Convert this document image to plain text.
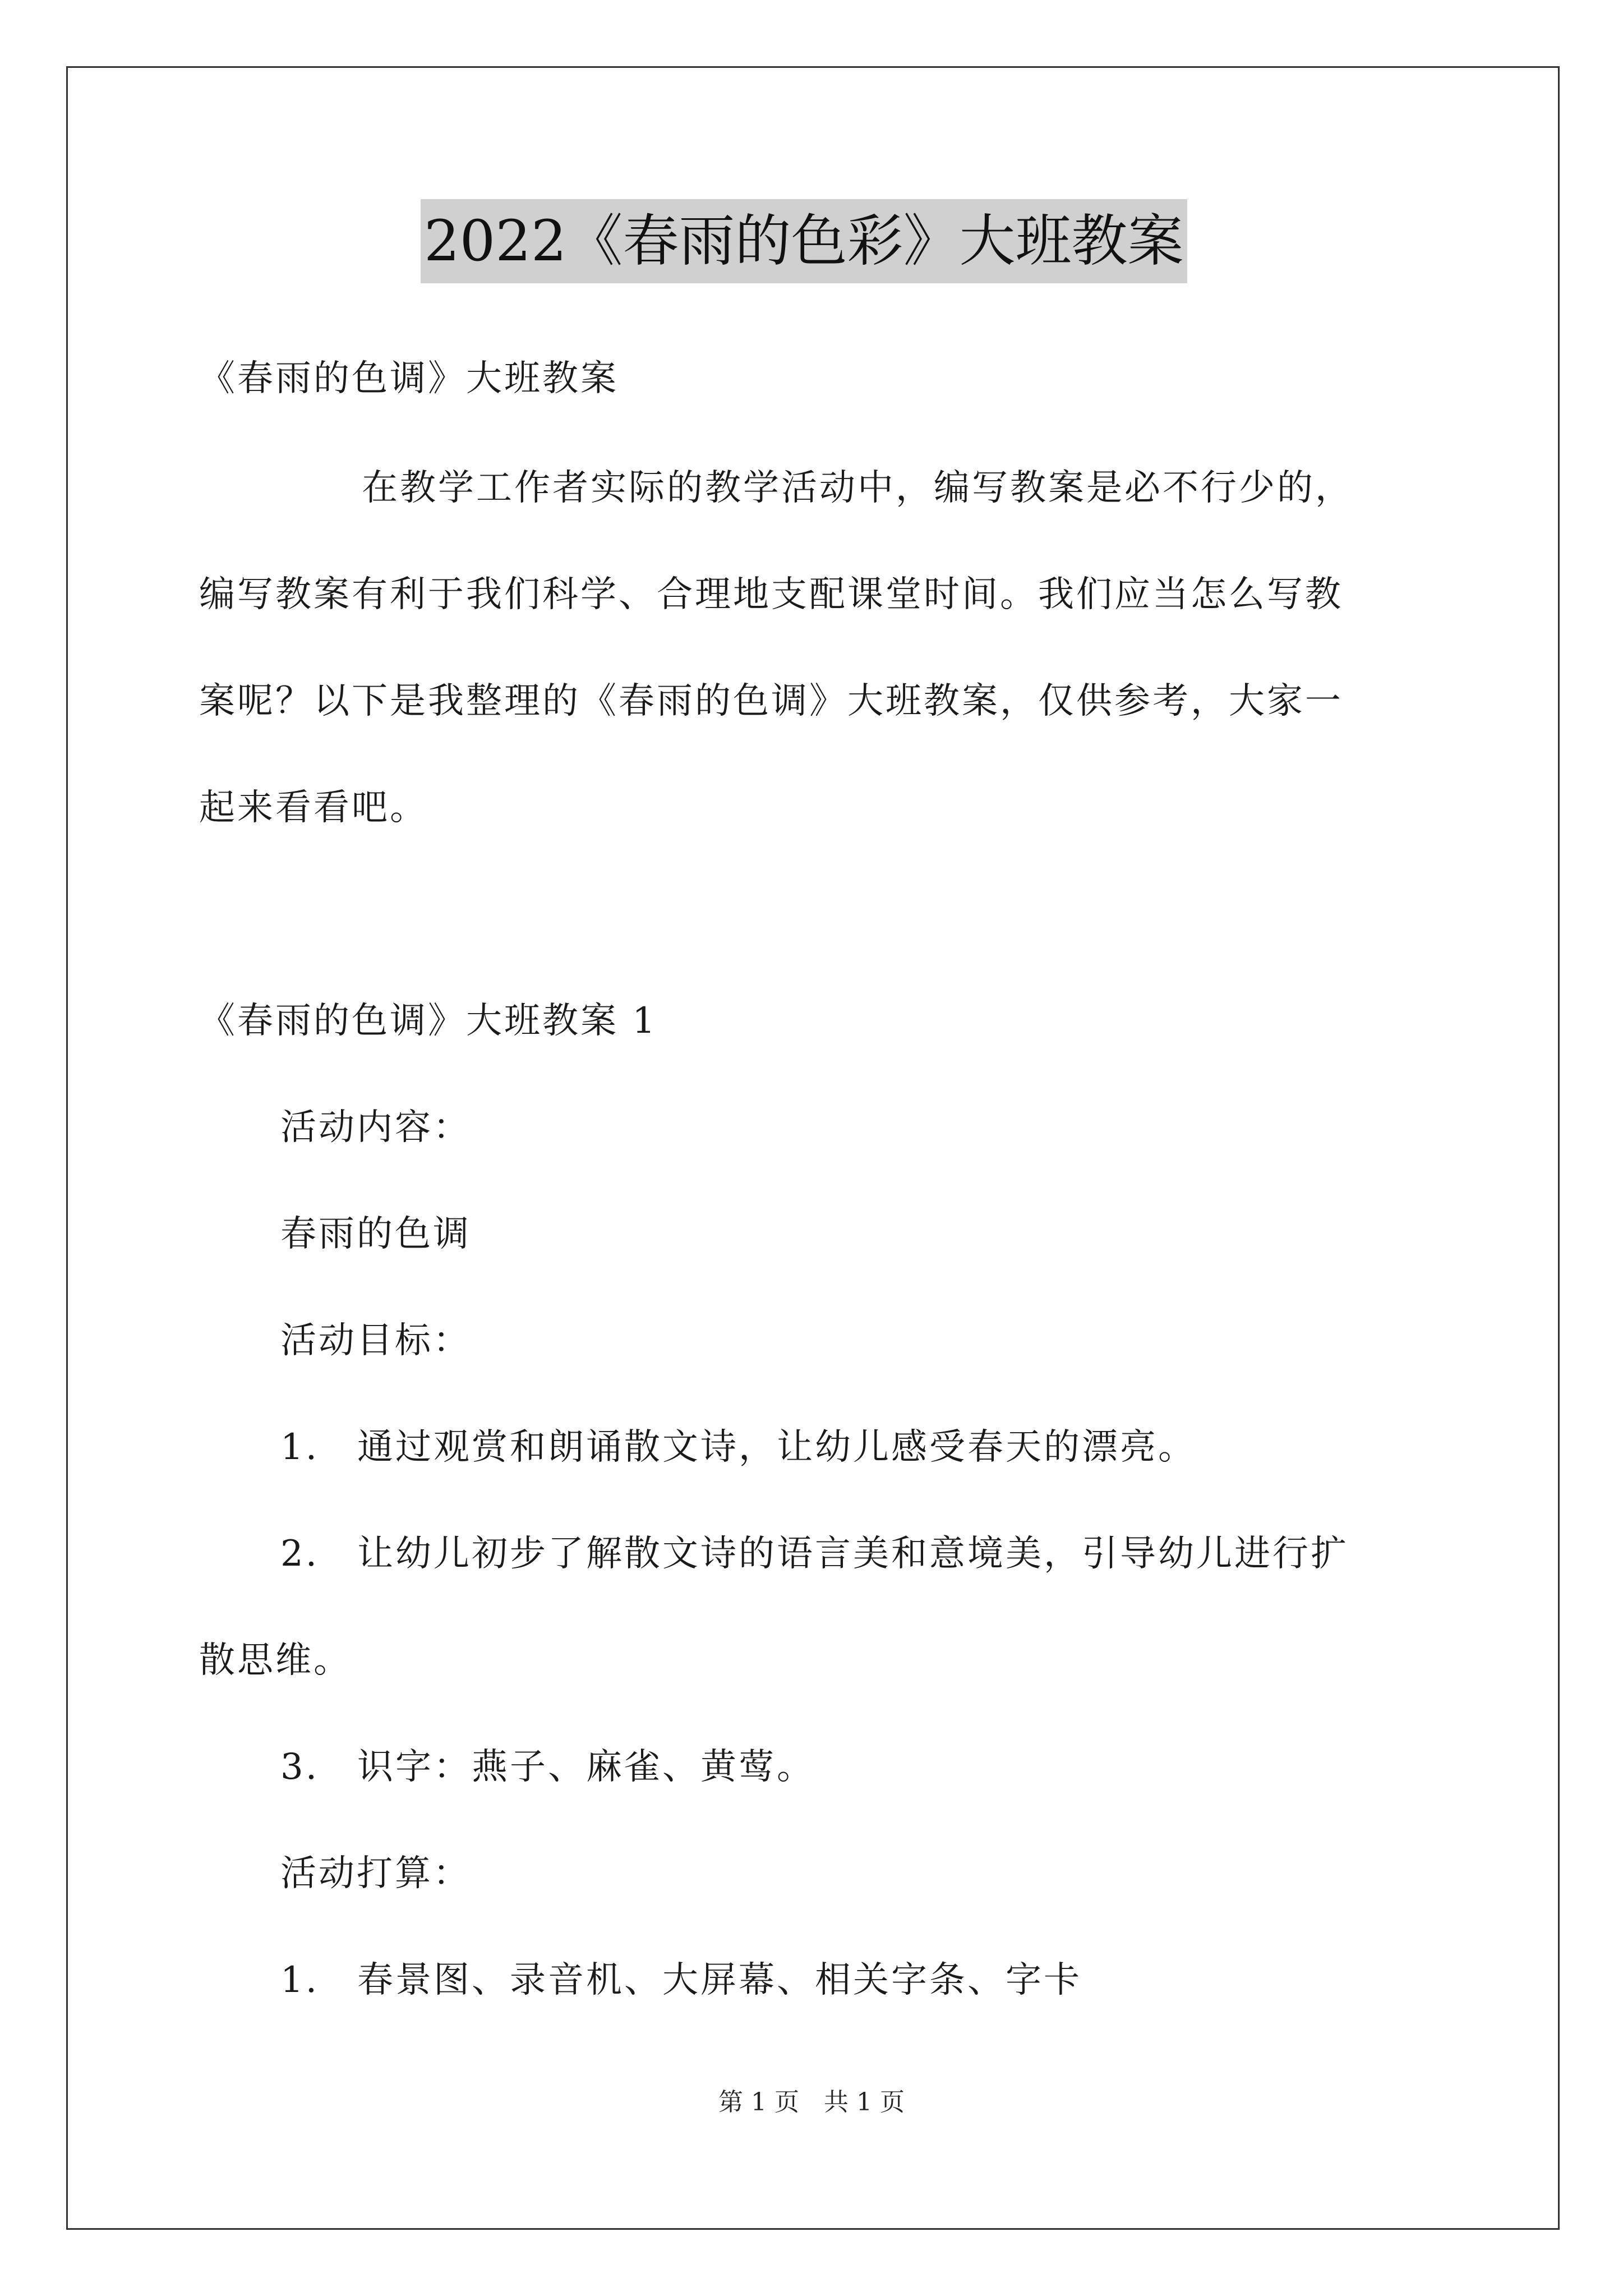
2022《春雨的色彩》大班教案
《春雨的色调》大班教案
在教学工作者实际的教学活动中，编写教案是必不行少的，
编写教案有利于我们科学、合理地支配课堂时间。我们应当怎么写教
案呢？以下是我整理的《春雨的色调》大班教案，仅供参考，大家一
起来看看吧。
《春雨的色调》大班教案 1
活动内容：
春雨的色调
活动目标：
1.　通过观赏和朗诵散文诗，让幼儿感受春天的漂亮。
2.　让幼儿初步了解散文诗的语言美和意境美，引导幼儿进行扩
散思维。
3.　识字：燕子、麻雀、黄莺。
活动打算：
1.　春景图、录音机、大屏幕、相关字条、字卡
第 1 页　共 1 页
